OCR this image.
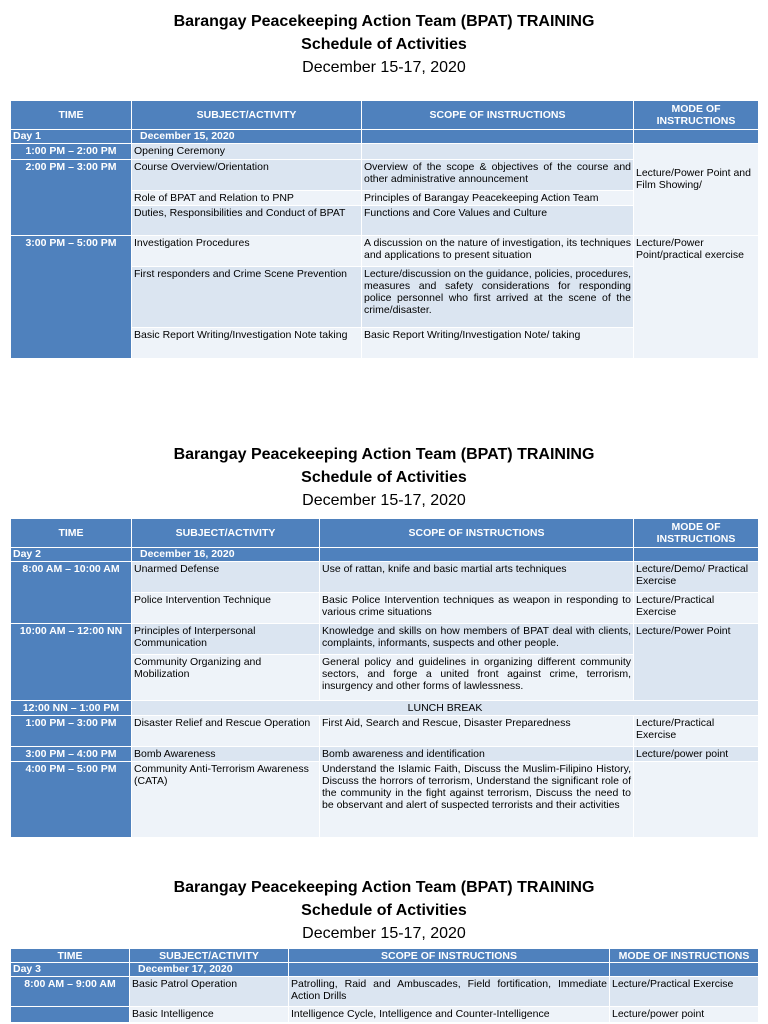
Barangay Peacekeeping Action Team (BPAT) TRAINING
Schedule of Activities
December 15-17, 2020
TIME	SUBJECT/ACTIVITY	SCOPE OF INSTRUCTIONS	MODE OF INSTRUCTIONS
Day 1	December 15, 2020		
1:00 PM – 2:00 PM	Opening Ceremony		Lecture/Power Point and Film Showing/

2:00 PM – 3:00 PM	Course Overview/Orientation	Overview of the scope & objectives of the course and other administrative announcement	
	Role of BPAT and Relation to PNP	Principles of Barangay Peacekeeping Action Team	
	Duties, Responsibilities and Conduct of BPAT	Functions and Core Values and Culture	
3:00 PM – 5:00 PM	Investigation Procedures	A discussion on the nature of investigation, its techniques and applications to present situation	Lecture/Power Point/practical exercise
	First responders and Crime Scene Prevention	Lecture/discussion on the guidance, policies, procedures, measures and safety considerations for responding police personnel who first arrived at the scene of the crime/disaster.	
	Basic Report Writing/Investigation Note taking	Basic Report Writing/Investigation Note/ taking	
Barangay Peacekeeping Action Team (BPAT) TRAINING
Schedule of Activities
December 15-17, 2020
TIME	SUBJECT/ACTIVITY	SCOPE OF INSTRUCTIONS	MODE OF INSTRUCTIONS
Day 2	December 16, 2020		
8:00 AM – 10:00 AM	Unarmed Defense	Use of rattan, knife and basic martial arts techniques	Lecture/Demo/ Practical Exercise
	Police Intervention Technique	Basic Police Intervention techniques as weapon in responding to various crime situations	Lecture/Practical Exercise
10:00 AM – 12:00 NN	Principles of Interpersonal Communication	Knowledge and skills on how members of BPAT deal with clients, complaints, informants, suspects and other people.	Lecture/Power Point
	Community Organizing and Mobilization	General policy and guidelines in organizing different community sectors, and forge a united front against crime, terrorism, insurgency and other forms of lawlessness.	
12:00 NN – 1:00 PM	LUNCH BREAK		
1:00 PM – 3:00 PM	Disaster Relief and Rescue Operation	First Aid, Search and Rescue, Disaster Preparedness	Lecture/Practical Exercise
3:00 PM – 4:00 PM	Bomb Awareness	Bomb awareness and identification	Lecture/power point
4:00 PM – 5:00 PM	Community Anti-Terrorism Awareness (CATA)	Understand the Islamic Faith, Discuss the Muslim-Filipino History, Discuss the horrors of terrorism, Understand the significant role of the community in the fight against terrorism, Discuss the need to be observant and alert of suspected terrorists and their activities	
Barangay Peacekeeping Action Team (BPAT) TRAINING
Schedule of Activities
December 15-17, 2020
TIME	SUBJECT/ACTIVITY	SCOPE OF INSTRUCTIONS	MODE OF INSTRUCTIONS
Day 3	December 17, 2020		
8:00 AM – 9:00 AM	Basic Patrol Operation	Patrolling, Raid and Ambuscades, Field fortification, Immediate Action Drills	Lecture/Practical Exercise
	Basic Intelligence	Intelligence Cycle, Intelligence and Counter-Intelligence	Lecture/power point
